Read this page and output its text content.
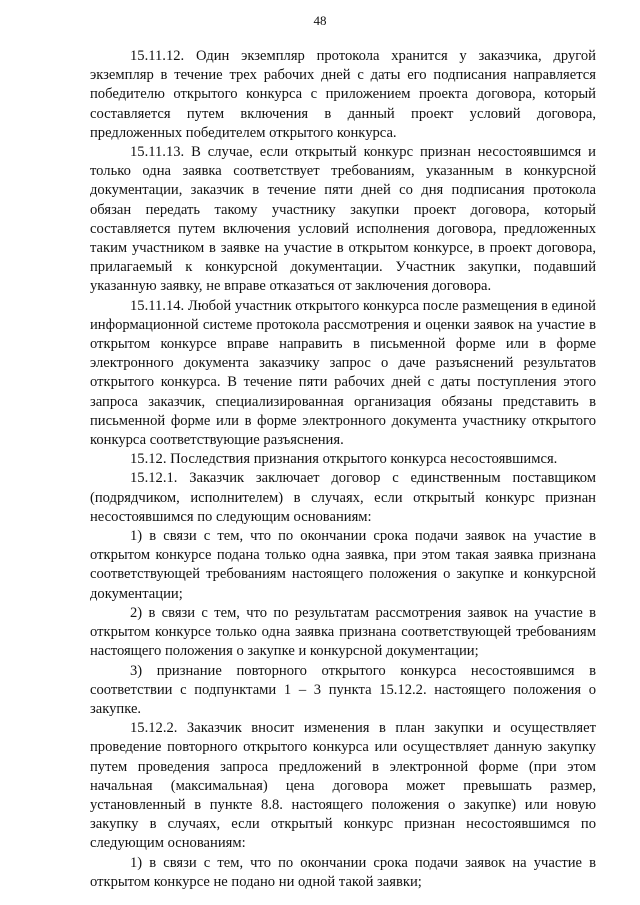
48

15.11.12. Один экземпляр протокола хранится у заказчика, другой экземпляр в течение трех рабочих дней с даты его подписания направляется победителю открытого конкурса с приложением проекта договора, который составляется путем включения в данный проект условий договора, предложенных победителем открытого конкурса.

15.11.13. В случае, если открытый конкурс признан несостоявшимся и только одна заявка соответствует требованиям, указанным в конкурсной документации, заказчик в течение пяти дней со дня подписания протокола обязан передать такому участнику закупки проект договора, который составляется путем включения условий исполнения договора, предложенных таким участником в заявке на участие в открытом конкурсе, в проект договора, прилагаемый к конкурсной документации. Участник закупки, подавший указанную заявку, не вправе отказаться от заключения договора.

15.11.14. Любой участник открытого конкурса после размещения в единой информационной системе протокола рассмотрения и оценки заявок на участие в открытом конкурсе вправе направить в письменной форме или в форме электронного документа заказчику запрос о даче разъяснений результатов открытого конкурса. В течение пяти рабочих дней с даты поступления этого запроса заказчик, специализированная организация обязаны представить в письменной форме или в форме электронного документа участнику открытого конкурса соответствующие разъяснения.

15.12. Последствия признания открытого конкурса несостоявшимся.

15.12.1. Заказчик заключает договор с единственным поставщиком (подрядчиком, исполнителем) в случаях, если открытый конкурс признан несостоявшимся по следующим основаниям:

1) в связи с тем, что по окончании срока подачи заявок на участие в открытом конкурсе подана только одна заявка, при этом такая заявка признана соответствующей требованиям настоящего положения о закупке и конкурсной документации;

2) в связи с тем, что по результатам рассмотрения заявок на участие в открытом конкурсе только одна заявка признана соответствующей требованиям настоящего положения о закупке и конкурсной документации;

3) признание повторного открытого конкурса несостоявшимся в соответствии с подпунктами 1 – 3 пункта 15.12.2. настоящего положения о закупке.

15.12.2. Заказчик вносит изменения в план закупки и осуществляет проведение повторного открытого конкурса или осуществляет данную закупку путем проведения запроса предложений в электронной форме (при этом начальная (максимальная) цена договора может превышать размер, установленный в пункте 8.8. настоящего положения о закупке) или новую закупку в случаях, если открытый конкурс признан несостоявшимся по следующим основаниям:

1) в связи с тем, что по окончании срока подачи заявок на участие в открытом конкурсе не подано ни одной такой заявки;
